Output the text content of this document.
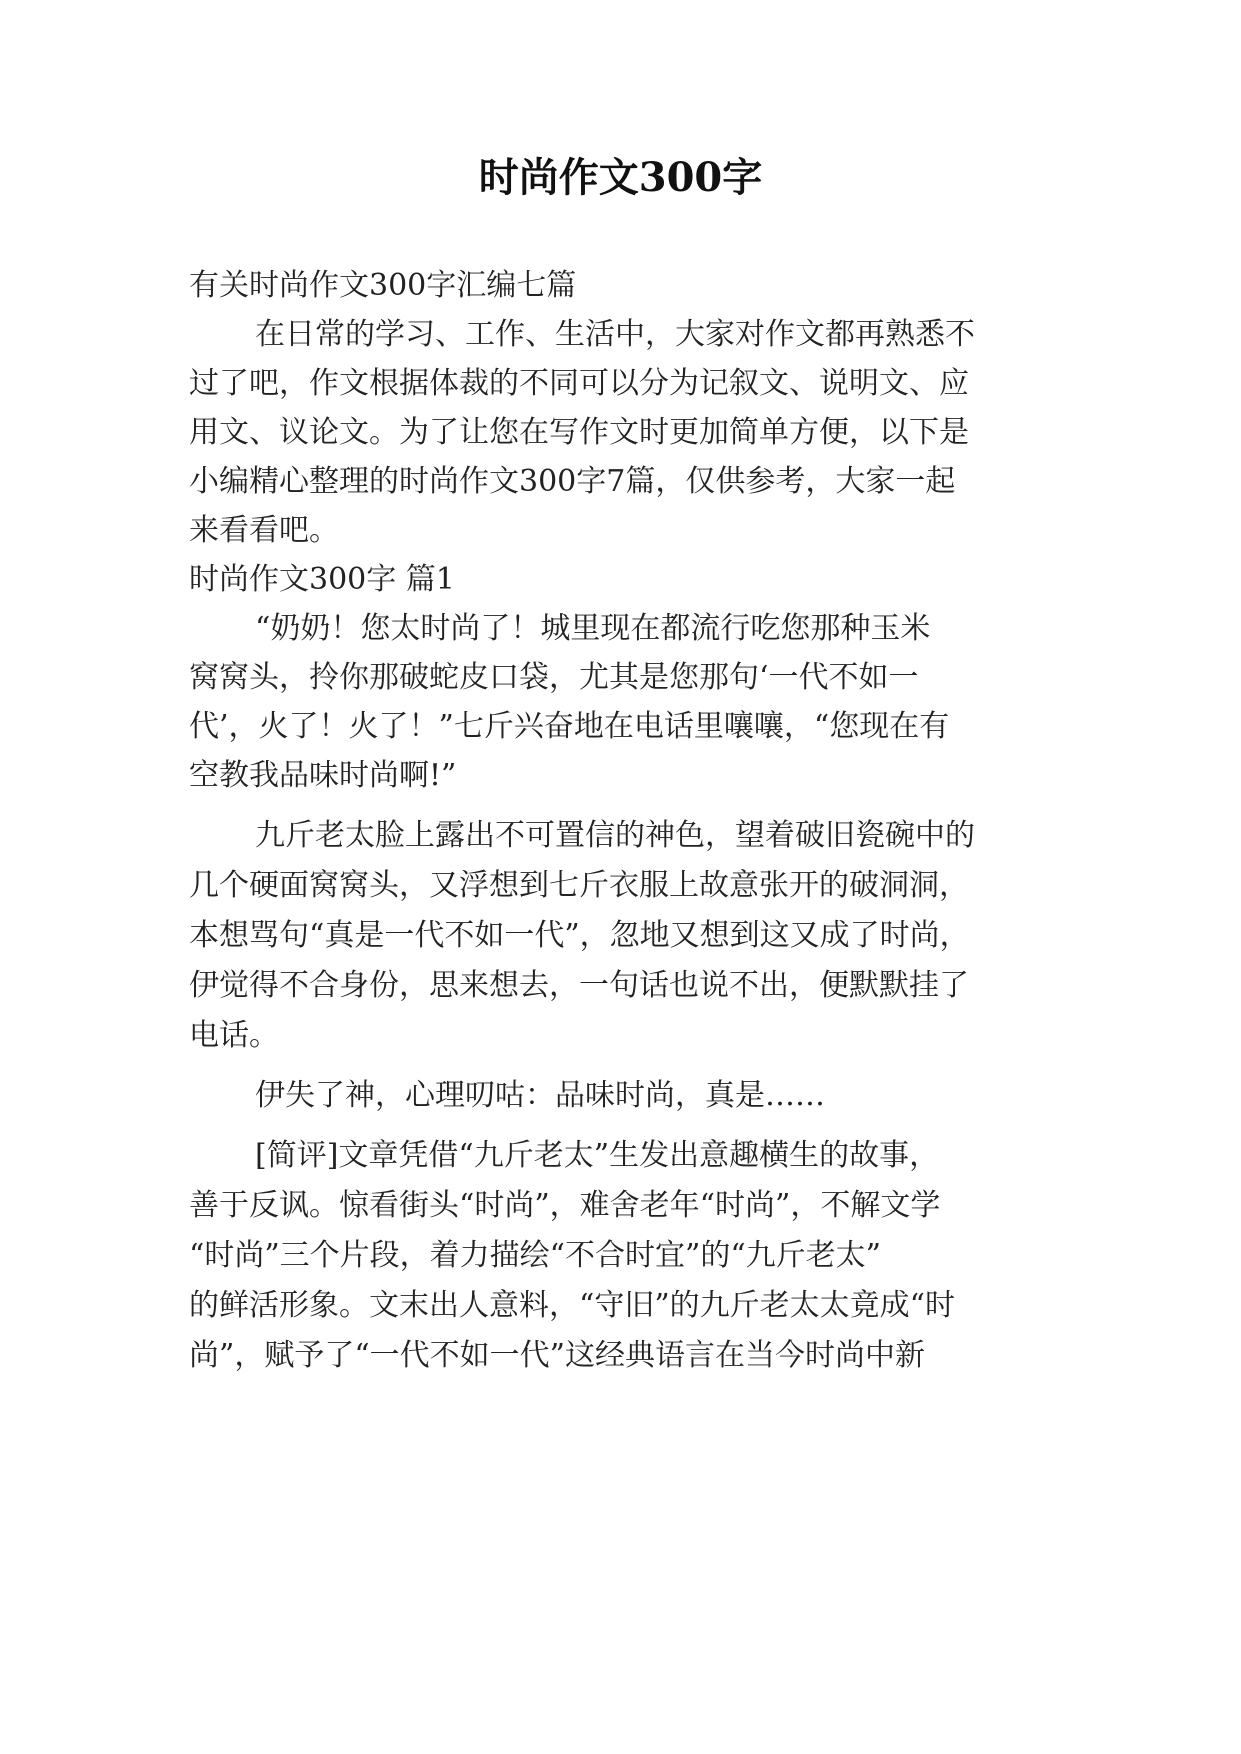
时尚作文300字
有关时尚作文300字汇编七篇
在日常的学习、工作、生活中，大家对作文都再熟悉不
过了吧，作文根据体裁的不同可以分为记叙文、说明文、应
用文、议论文。为了让您在写作文时更加简单方便，以下是
小编精心整理的时尚作文300字7篇，仅供参考，大家一起
来看看吧。
时尚作文300字 篇1
“奶奶！您太时尚了！城里现在都流行吃您那种玉米
窝窝头，拎你那破蛇皮口袋，尤其是您那句‘一代不如一
代’，火了！火了！”七斤兴奋地在电话里嚷嚷，“您现在有
空教我品味时尚啊!”
九斤老太脸上露出不可置信的神色，望着破旧瓷碗中的
几个硬面窝窝头，又浮想到七斤衣服上故意张开的破洞洞，
本想骂句“真是一代不如一代”，忽地又想到这又成了时尚，
伊觉得不合身份，思来想去，一句话也说不出，便默默挂了
电话。
伊失了神，心理叨咕：品味时尚，真是……
[简评]文章凭借“九斤老太”生发出意趣横生的故事，
善于反讽。惊看街头“时尚”，难舍老年“时尚”，不解文学
“时尚”三个片段，着力描绘“不合时宜”的“九斤老太”
的鲜活形象。文末出人意料，“守旧”的九斤老太太竟成“时
尚”，赋予了“一代不如一代”这经典语言在当今时尚中新
